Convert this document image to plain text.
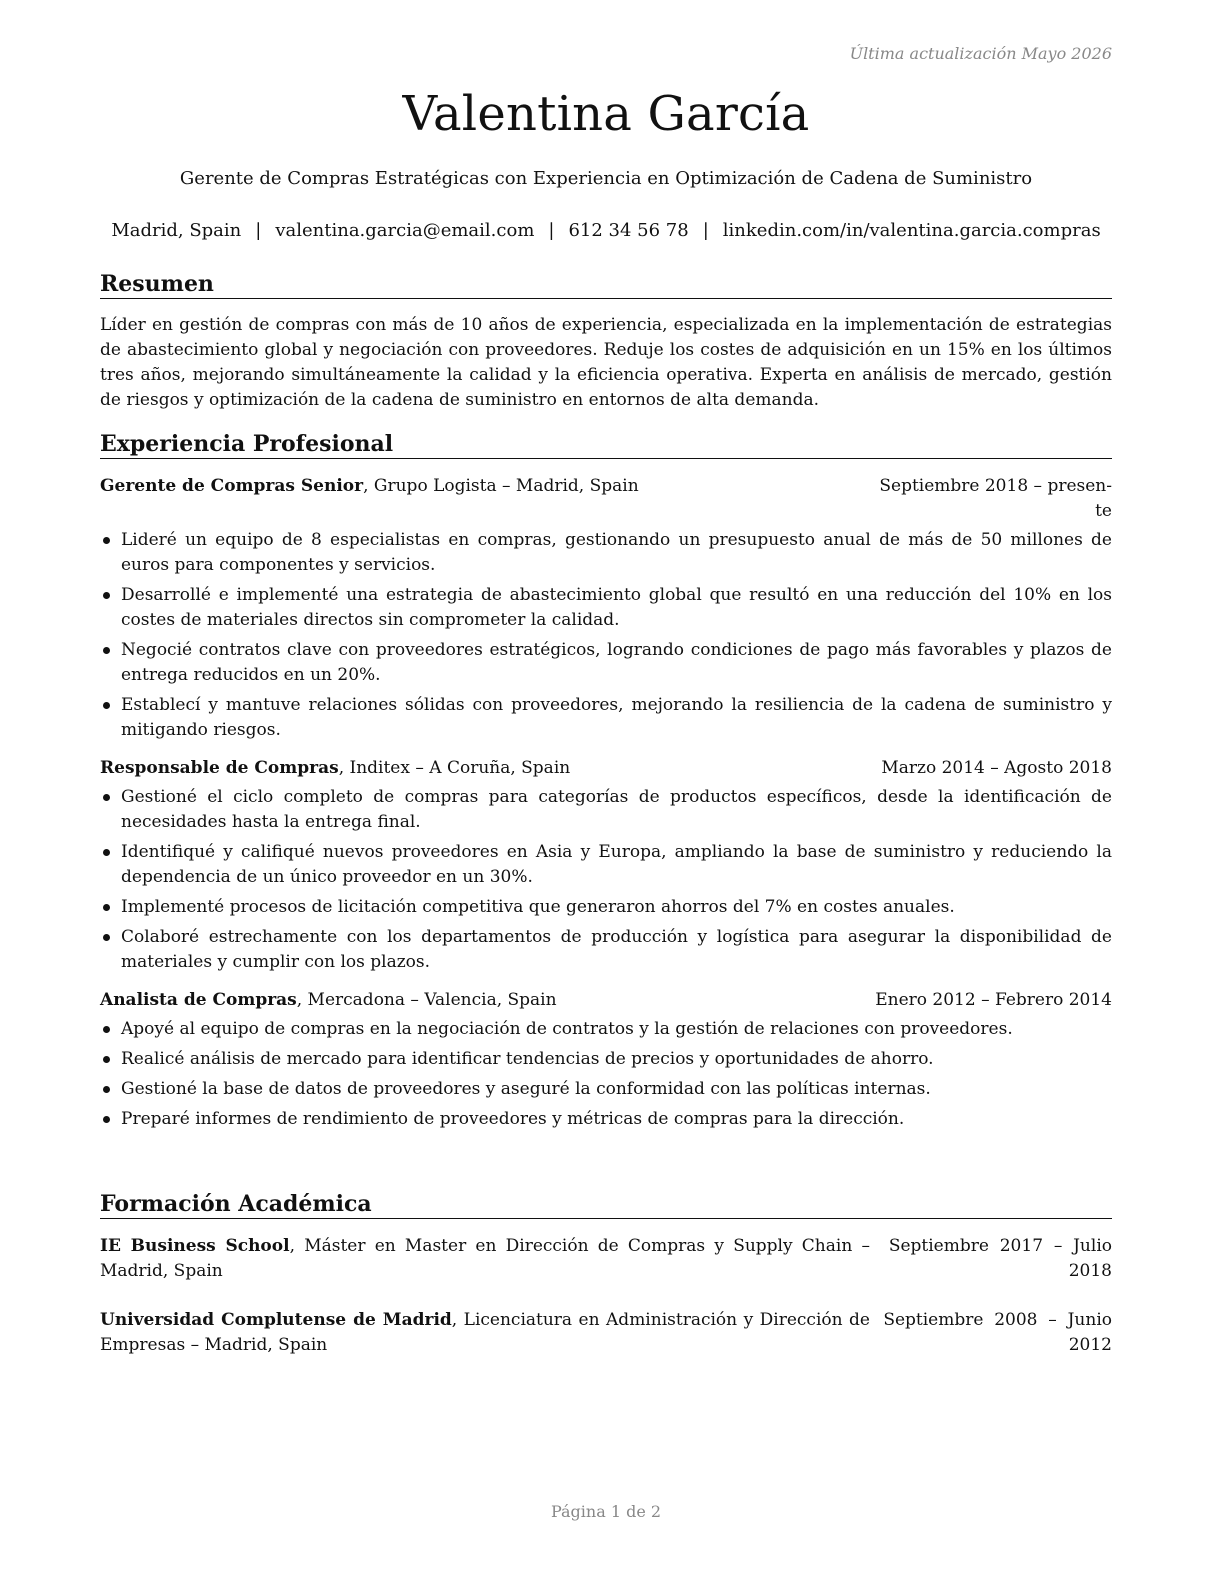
Última actualización Mayo 2026
Valentina García
Gerente de Compras Estratégicas con Experiencia en Optimización de Cadena de Suministro
Madrid, Spain | valentina.garcia@email.com | 612 34 56 78 | linkedin.com/in/valentina.garcia.compras
Resumen
Líder en gestión de compras con más de 10 años de experiencia, especializada en la implementación de estrategias de abastecimiento global y negociación con proveedores. Reduje los costes de adquisición en un 15% en los últimos tres años, mejorando simultáneamente la calidad y la eficiencia operativa. Experta en análisis de mercado, gestión de riesgos y optimización de la cadena de suministro en entornos de alta demanda.
Experiencia Profesional
Gerente de Compras Senior, Grupo Logista – Madrid, Spain	Septiembre 2018 – presen-
te
Lideré un equipo de 8 especialistas en compras, gestionando un presupuesto anual de más de 50 millones de euros para componentes y servicios.
Desarrollé e implementé una estrategia de abastecimiento global que resultó en una reducción del 10% en los costes de materiales directos sin comprometer la calidad.
Negocié contratos clave con proveedores estratégicos, logrando condiciones de pago más favorables y plazos de entrega reducidos en un 20%.
Establecí y mantuve relaciones sólidas con proveedores, mejorando la resiliencia de la cadena de suministro y mitigando riesgos.
Responsable de Compras, Inditex – A Coruña, Spain	Marzo 2014 – Agosto 2018
Gestioné el ciclo completo de compras para categorías de productos específicos, desde la identificación de necesidades hasta la entrega final.
Identifiqué y califiqué nuevos proveedores en Asia y Europa, ampliando la base de suministro y reduciendo la dependencia de un único proveedor en un 30%.
Implementé procesos de licitación competitiva que generaron ahorros del 7% en costes anuales.
Colaboré estrechamente con los departamentos de producción y logística para asegurar la disponibilidad de materiales y cumplir con los plazos.
Analista de Compras, Mercadona – Valencia, Spain	Enero 2012 – Febrero 2014
Apoyé al equipo de compras en la negociación de contratos y la gestión de relaciones con proveedores.
Realicé análisis de mercado para identificar tendencias de precios y oportunidades de ahorro.
Gestioné la base de datos de proveedores y aseguré la conformidad con las políticas internas.
Preparé informes de rendimiento de proveedores y métricas de compras para la dirección.
Formación Académica
IE Business School, Máster en Master en Dirección de Compras y Supply Chain – Madrid, Spain
Septiembre  2017  –  Julio
2018
Universidad Complutense de Madrid, Licenciatura en Administración y Dirección de Empresas – Madrid, Spain
Septiembre  2008  –  Junio
2012
Página 1 de 2
